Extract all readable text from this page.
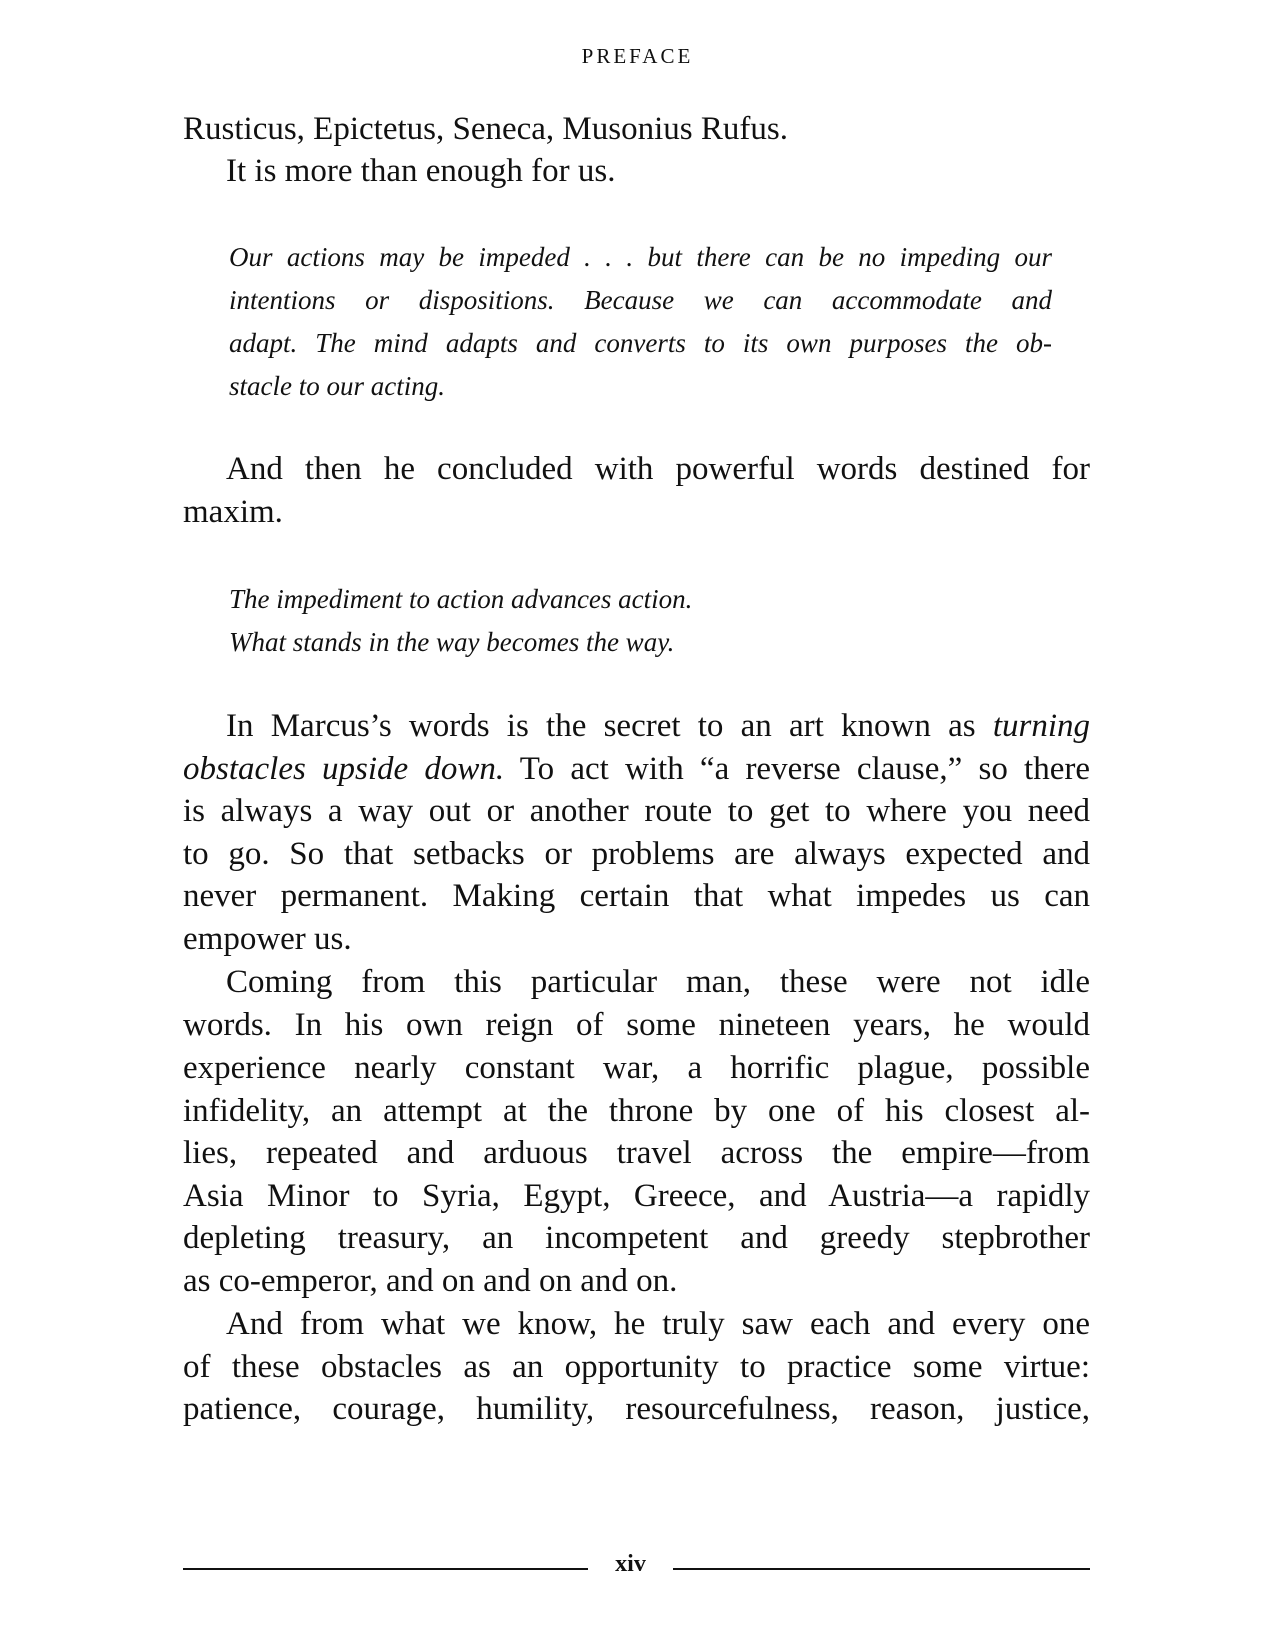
PREFACE
Rusticus, Epictetus, Seneca, Musonius Rufus.
It is more than enough for us.
Our actions may be impeded . . . but there can be no impeding our
intentions or dispositions. Because we can accommodate and
adapt. The mind adapts and converts to its own purposes the ob-
stacle to our acting.
And then he concluded with powerful words destined for
maxim.
The impediment to action advances action.
What stands in the way becomes the way.
In Marcus’s words is the secret to an art known as turning
obstacles upside down. To act with “a reverse clause,” so there
is always a way out or another route to get to where you need
to go. So that setbacks or problems are always expected and
never permanent. Making certain that what impedes us can
empower us.
Coming from this particular man, these were not idle
words. In his own reign of some nineteen years, he would
experience nearly constant war, a horrific plague, possible
infidelity, an attempt at the throne by one of his closest al-
lies, repeated and arduous travel across the empire—from
Asia Minor to Syria, Egypt, Greece, and Austria—a rapidly
depleting treasury, an incompetent and greedy stepbrother
as co-emperor, and on and on and on.
And from what we know, he truly saw each and every one
of these obstacles as an opportunity to practice some virtue:
patience, courage, humility, resourcefulness, reason, justice,
xiv
